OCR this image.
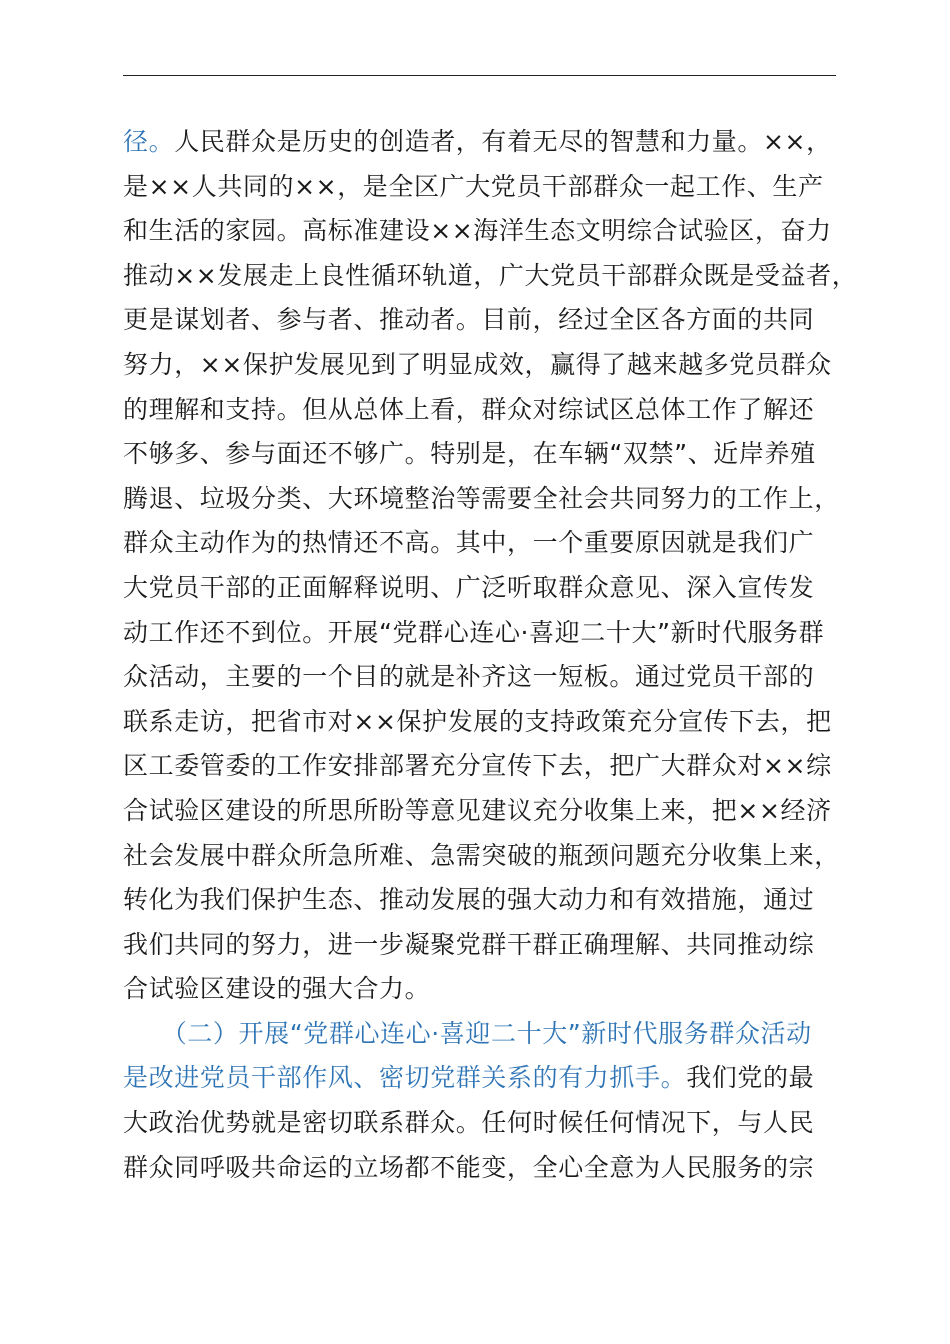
径。人民群众是历史的创造者，有着无尽的智慧和力量。××，
是××人共同的××，是全区广大党员干部群众一起工作、生产
和生活的家园。高标准建设××海洋生态文明综合试验区，奋力
推动××发展走上良性循环轨道，广大党员干部群众既是受益者，
更是谋划者、参与者、推动者。目前，经过全区各方面的共同
努力，××保护发展见到了明显成效，赢得了越来越多党员群众
的理解和支持。但从总体上看，群众对综试区总体工作了解还
不够多、参与面还不够广。特别是，在车辆“双禁”、近岸养殖
腾退、垃圾分类、大环境整治等需要全社会共同努力的工作上，
群众主动作为的热情还不高。其中，一个重要原因就是我们广
大党员干部的正面解释说明、广泛听取群众意见、深入宣传发
动工作还不到位。开展“党群心连心·喜迎二十大”新时代服务群
众活动，主要的一个目的就是补齐这一短板。通过党员干部的
联系走访，把省市对××保护发展的支持政策充分宣传下去，把
区工委管委的工作安排部署充分宣传下去，把广大群众对××综
合试验区建设的所思所盼等意见建议充分收集上来，把××经济
社会发展中群众所急所难、急需突破的瓶颈问题充分收集上来，
转化为我们保护生态、推动发展的强大动力和有效措施，通过
我们共同的努力，进一步凝聚党群干群正确理解、共同推动综
合试验区建设的强大合力。
　　（二）开展“党群心连心·喜迎二十大”新时代服务群众活动
是改进党员干部作风、密切党群关系的有力抓手。我们党的最
大政治优势就是密切联系群众。任何时候任何情况下，与人民
群众同呼吸共命运的立场都不能变，全心全意为人民服务的宗
